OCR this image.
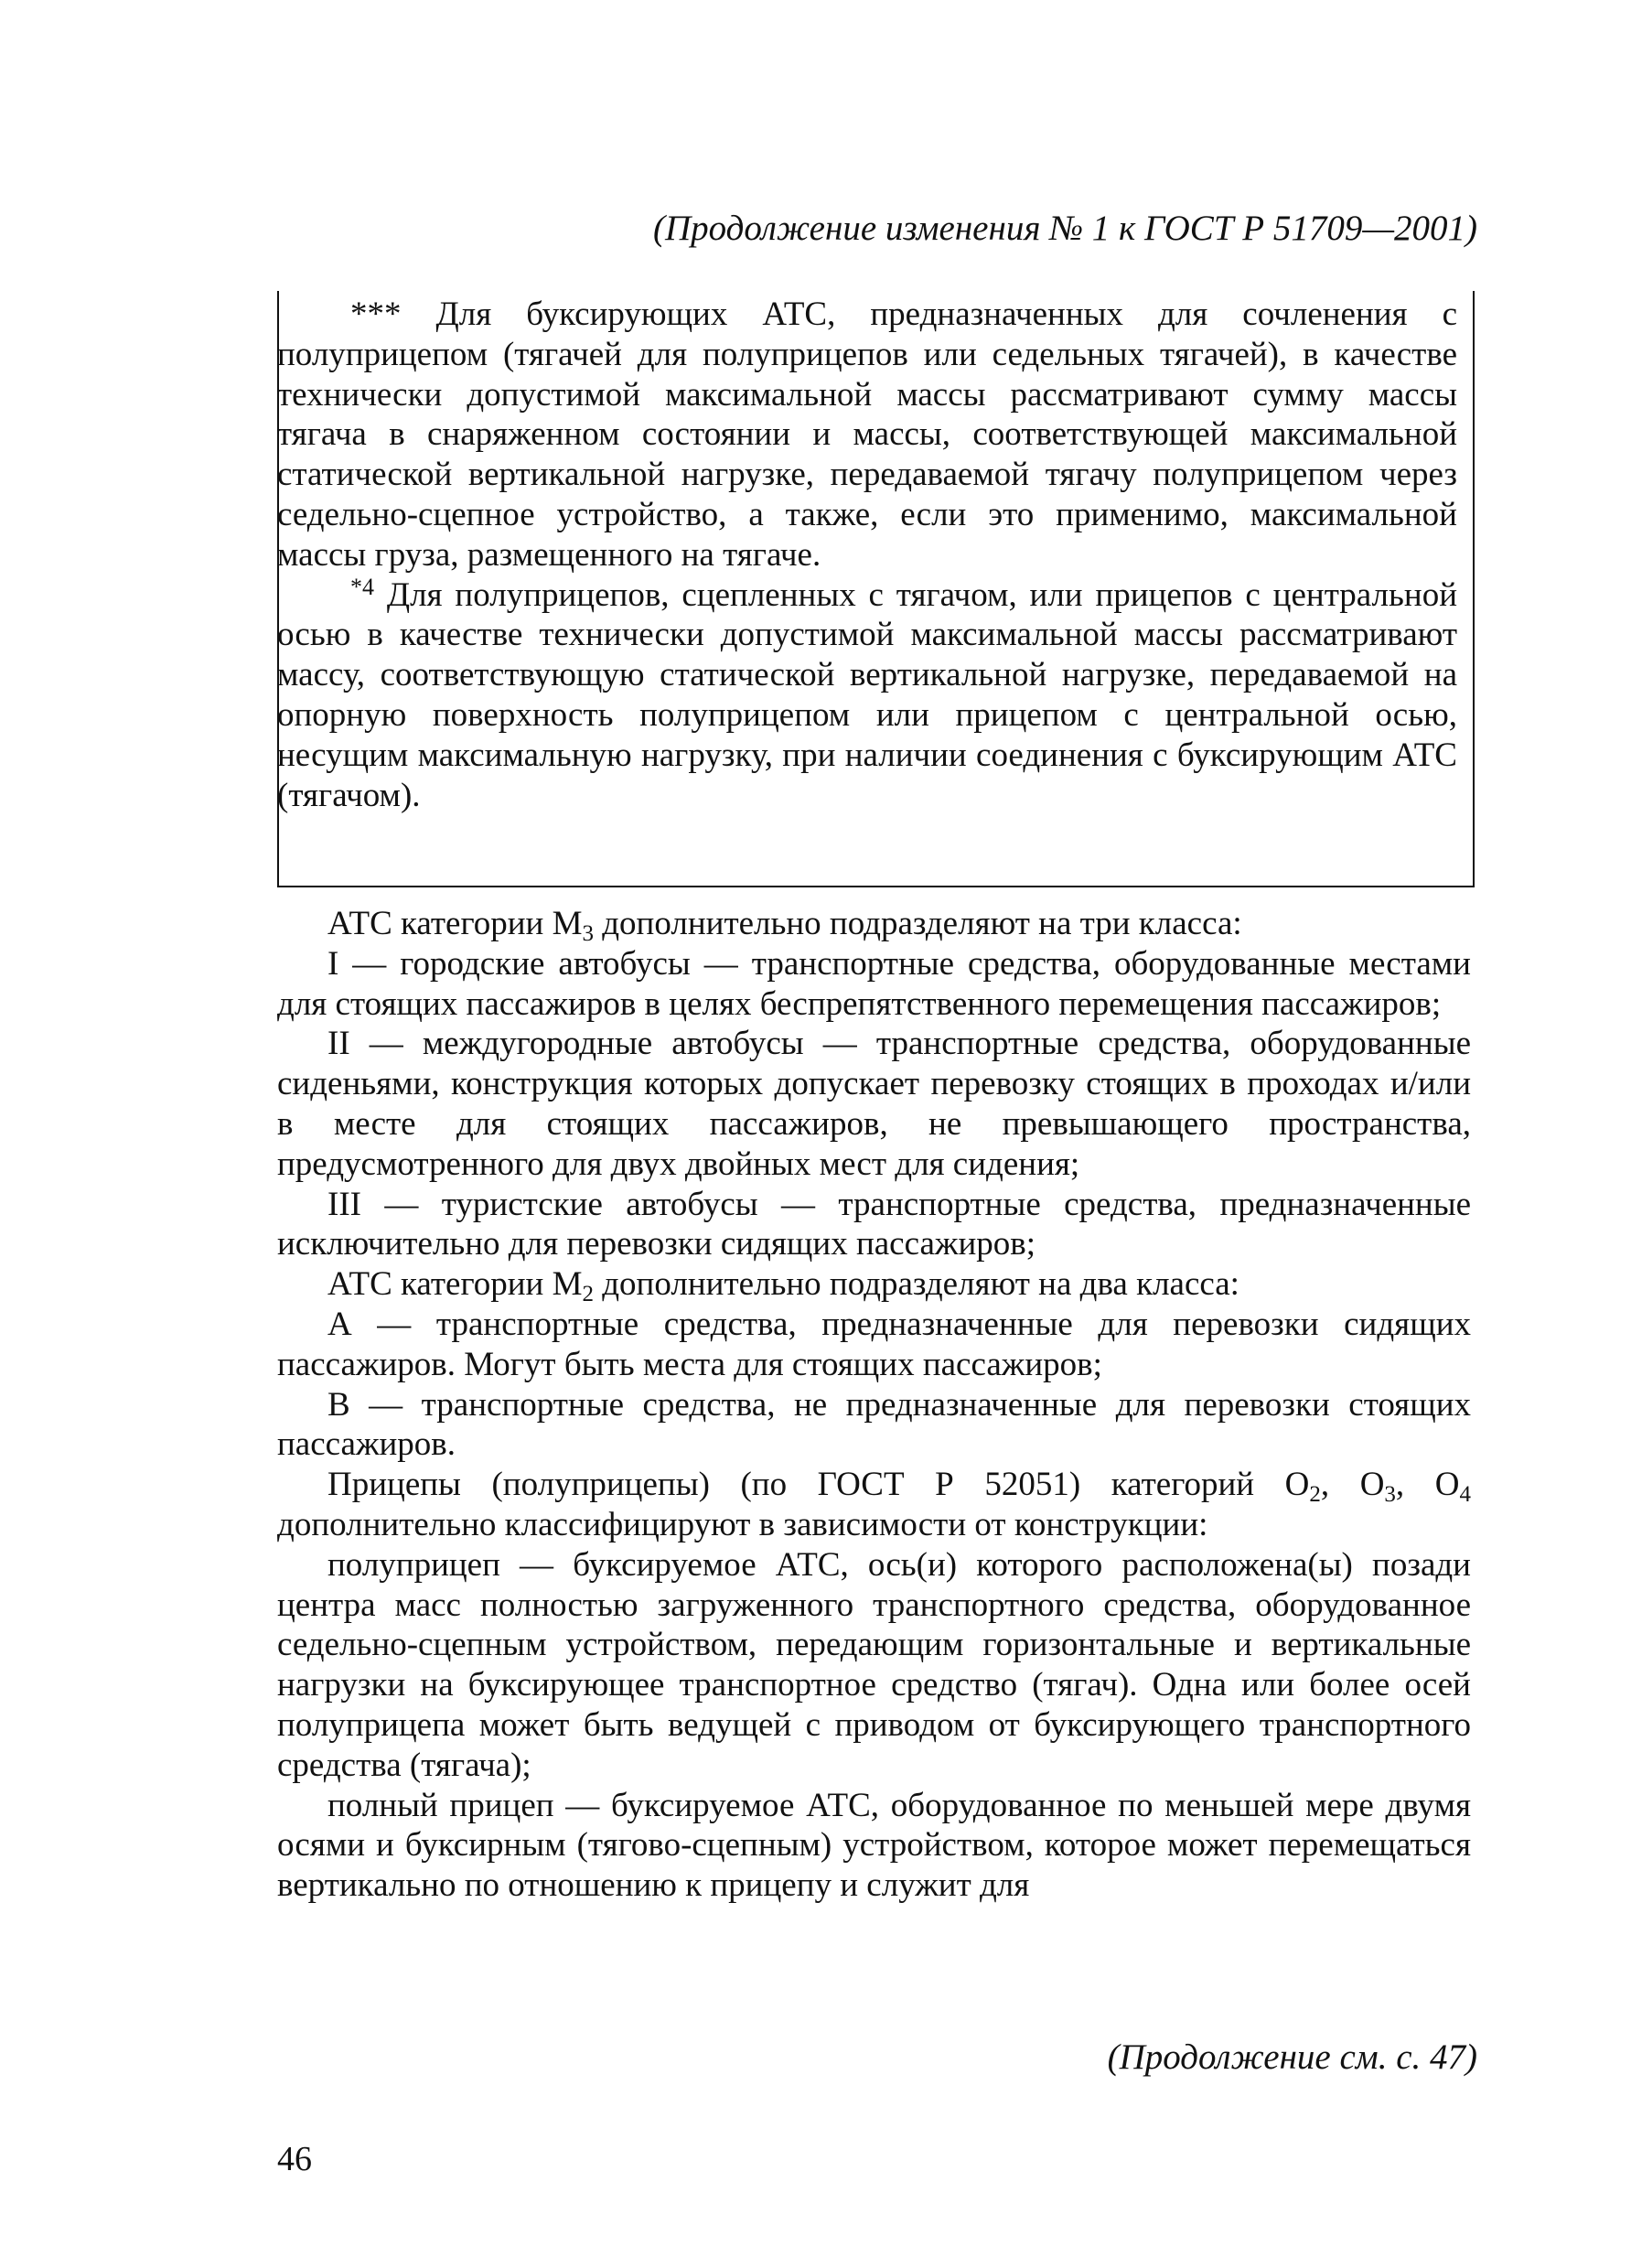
(Продолжение изменения № 1 к ГОСТ Р 51709—2001)

*** Для буксирующих АТС, предназначенных для сочленения с полуприцепом (тягачей для полуприцепов или седельных тягачей), в качестве технически допустимой максимальной массы рассматривают сумму массы тягача в снаряженном состоянии и массы, соответствующей максимальной статической вертикальной нагрузке, передаваемой тягачу полуприцепом через седельно-сцепное устройство, а также, если это применимо, максимальной массы груза, размещенного на тягаче.

$^{*4}$ Для полуприцепов, сцепленных с тягачом, или прицепов с центральной осью в качестве технически допустимой максимальной массы рассматривают массу, соответствующую статической вертикальной нагрузке, передаваемой на опорную поверхность полуприцепом или прицепом с центральной осью, несущим максимальную нагрузку, при наличии соединения с буксирующим АТС (тягачом).

АТС категории $М_3$ дополнительно подразделяют на три класса:

I — городские автобусы — транспортные средства, оборудованные местами для стоящих пассажиров в целях беспрепятственного перемещения пассажиров;

II — междугородные автобусы — транспортные средства, оборудованные сиденьями, конструкция которых допускает перевозку стоящих в проходах и/или в месте для стоящих пассажиров, не превышающего пространства, предусмотренного для двух двойных мест для сидения;

III — туристские автобусы — транспортные средства, предназначенные исключительно для перевозки сидящих пассажиров;

АТС категории $М_2$ дополнительно подразделяют на два класса:

А — транспортные средства, предназначенные для перевозки сидящих пассажиров. Могут быть места для стоящих пассажиров;

В — транспортные средства, не предназначенные для перевозки стоящих пассажиров.

Прицепы (полуприцепы) (по ГОСТ Р 52051) категорий $О_2$, $О_3$, $О_4$ дополнительно классифицируют в зависимости от конструкции:

полуприцеп — буксируемое АТС, ось(и) которого расположена(ы) позади центра масс полностью загруженного транспортного средства, оборудованное седельно-сцепным устройством, передающим горизонтальные и вертикальные нагрузки на буксирующее транспортное средство (тягач). Одна или более осей полуприцепа может быть ведущей с приводом от буксирующего транспортного средства (тягача);

полный прицеп — буксируемое АТС, оборудованное по меньшей мере двумя осями и буксирным (тягово-сцепным) устройством, которое может перемещаться вертикально по отношению к прицепу и служит для

(Продолжение см. с. 47)
46
